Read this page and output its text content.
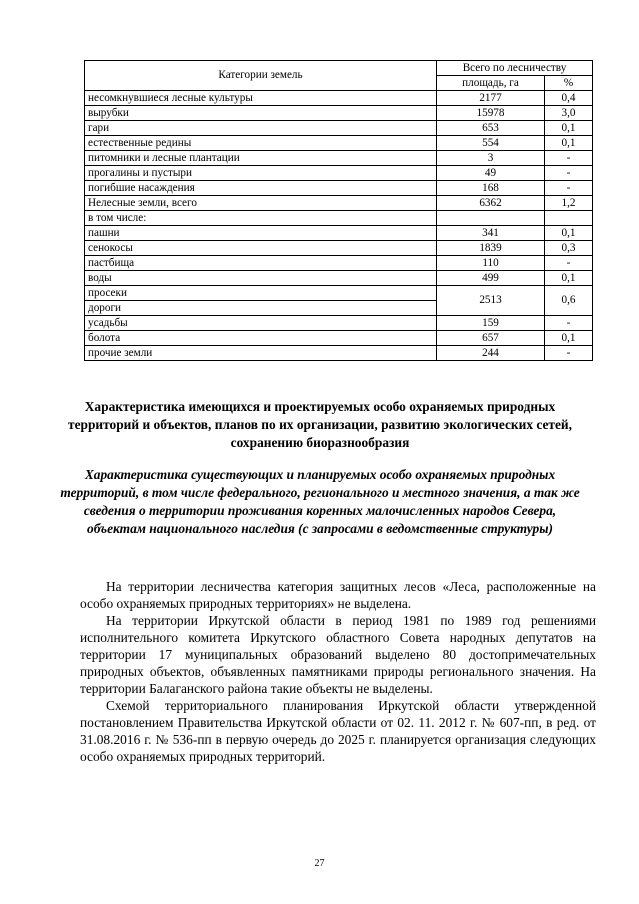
Категории земель	Всего по лесничеству	
	площадь, га	%
несомкнувшиеся лесные культуры	2177	0,4
вырубки	15978	3,0
гари	653	0,1
естественные редины	554	0,1
питомники и лесные плантации	3	-
прогалины и пустыри	49	-
погибшие насаждения	168	-
Нелесные земли, всего	6362	1,2
в том числе:		
пашни	341	0,1
сенокосы	1839	0,3
пастбища	110	-
воды	499	0,1
просеки	2513	0,6
дороги		
усадьбы	159	-
болота	657	0,1
прочие земли	244	-
Характеристика имеющихся и проектируемых особо охраняемых природных территорий и объектов, планов по их организации, развитию экологических сетей, сохранению биоразнообразия
Характеристика существующих и планируемых особо охраняемых природных территорий, в том числе федерального, регионального и местного значения, а так же сведения о территории проживания коренных малочисленных народов Севера, объектам национального наследия (с запросами в ведомственные структуры)

На территории лесничества категория защитных лесов «Леса, расположенные на особо охраняемых природных территориях» не выделена.

На территории Иркутской области в период 1981 по 1989 год решениями исполнительного комитета Иркутского областного Совета народных депутатов на территории 17 муниципальных образований выделено 80 достопримечательных природных объектов, объявленных памятниками природы регионального значения. На территории Балаганского района такие объекты не выделены.

Схемой территориального планирования Иркутской области утвержденной постановлением Правительства Иркутской области от 02. 11. 2012 г. № 607-пп, в ред. от 31.08.2016 г. № 536-пп в первую очередь до 2025 г. планируется организация следующих особо охраняемых природных территорий.

27
